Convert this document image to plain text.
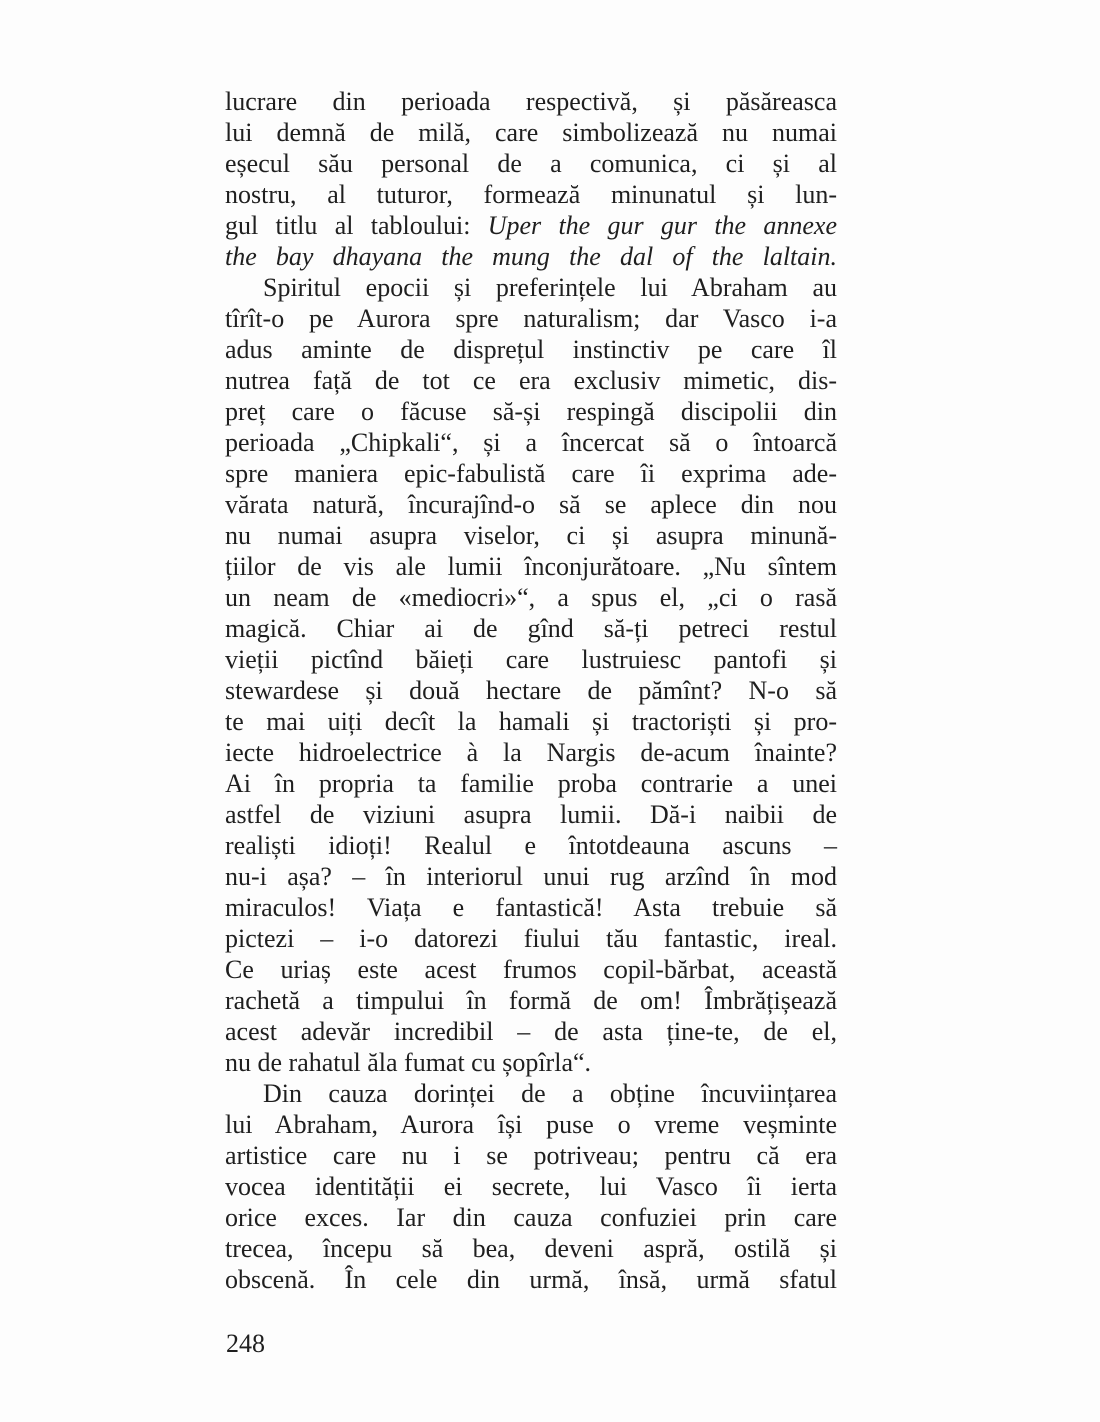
lucrare din perioada respectivă, și păsăreasca
lui demnă de milă, care simbolizează nu numai
eșecul său personal de a comunica, ci și al
nostru, al tuturor, formează minunatul și lun-
gul titlu al tabloului: Uper the gur gur the annexe
the bay dhayana the mung the dal of the laltain.
Spiritul epocii și preferințele lui Abraham au
tîrît-o pe Aurora spre naturalism; dar Vasco i-a
adus aminte de disprețul instinctiv pe care îl
nutrea față de tot ce era exclusiv mimetic, dis-
preț care o făcuse să-și respingă discipolii din
perioada „Chipkali“, și a încercat să o întoarcă
spre maniera epic-fabulistă care îi exprima ade-
vărata natură, încurajînd-o să se aplece din nou
nu numai asupra viselor, ci și asupra minună-
țiilor de vis ale lumii înconjurătoare. „Nu sîntem
un neam de «mediocri»“, a spus el, „ci o rasă
magică. Chiar ai de gînd să-ți petreci restul
vieții pictînd băieți care lustruiesc pantofi și
stewardese și două hectare de pămînt? N-o să
te mai uiți decît la hamali și tractoriști și pro-
iecte hidroelectrice à la Nargis de-acum înainte?
Ai în propria ta familie proba contrarie a unei
astfel de viziuni asupra lumii. Dă-i naibii de
realiști idioți! Realul e întotdeauna ascuns –
nu-i așa? – în interiorul unui rug arzînd în mod
miraculos! Viața e fantastică! Asta trebuie să
pictezi – i-o datorezi fiului tău fantastic, ireal.
Ce uriaș este acest frumos copil-bărbat, această
rachetă a timpului în formă de om! Îmbrățișează
acest adevăr incredibil – de asta ține-te, de el,
nu de rahatul ăla fumat cu șopîrla“.
Din cauza dorinței de a obține încuviințarea
lui Abraham, Aurora își puse o vreme veșminte
artistice care nu i se potriveau; pentru că era
vocea identității ei secrete, lui Vasco îi ierta
orice exces. Iar din cauza confuziei prin care
trecea, începu să bea, deveni aspră, ostilă și
obscenă. În cele din urmă, însă, urmă sfatul
248
